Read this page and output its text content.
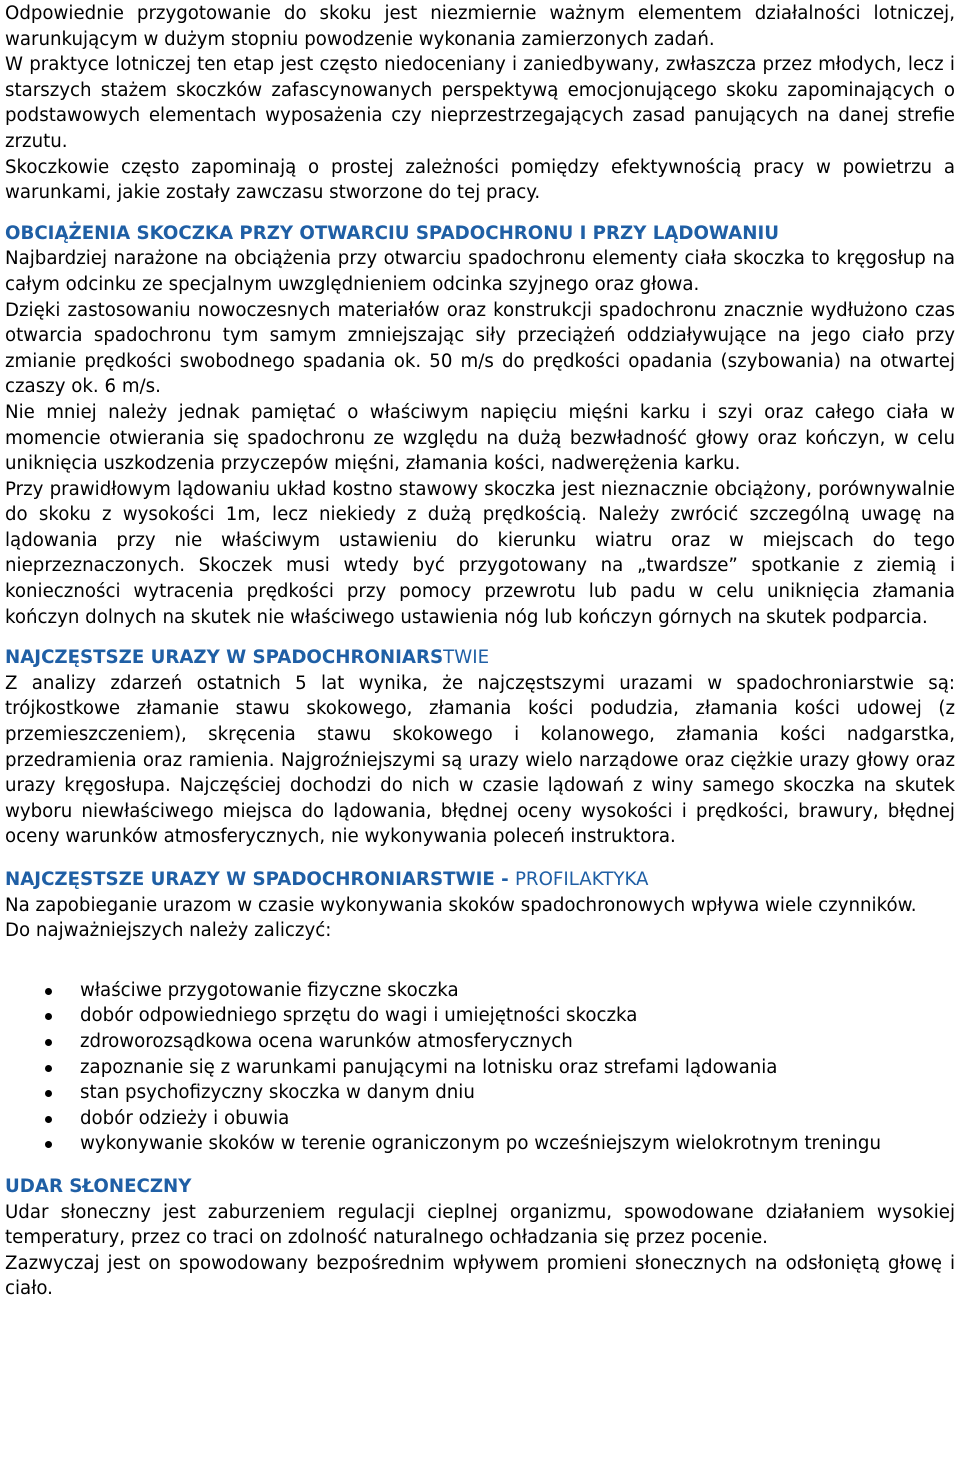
Odpowiednie przygotowanie do skoku jest niezmiernie ważnym elementem działalności lotniczej, warunkującym w dużym stopniu powodzenie wykonania zamierzonych zadań.

W praktyce lotniczej ten etap jest często niedoceniany i zaniedbywany, zwłaszcza przez młodych, lecz i starszych stażem skoczków zafascynowanych perspektywą emocjonującego skoku zapominających o podstawowych elementach wyposażenia czy nieprzestrzegających zasad panujących na danej strefie zrzutu.

Skoczkowie często zapominają o prostej zależności pomiędzy efektywnością pracy w powietrzu a warunkami, jakie zostały zawczasu stworzone do tej pracy.

OBCIĄŻENIA SKOCZKA PRZY OTWARCIU SPADOCHRONU I PRZY LĄDOWANIU

Najbardziej narażone na obciążenia przy otwarciu spadochronu elementy ciała skoczka to kręgosłup na całym odcinku ze specjalnym uwzględnieniem odcinka szyjnego oraz głowa.

Dzięki zastosowaniu nowoczesnych materiałów oraz konstrukcji spadochronu znacznie wydłużono czas otwarcia spadochronu tym samym zmniejszając siły przeciążeń oddziaływujące na jego ciało przy zmianie prędkości swobodnego spadania ok. 50 m/s do prędkości opadania (szybowania) na otwartej czaszy ok. 6 m/s.

Nie mniej należy jednak pamiętać o właściwym napięciu mięśni karku i szyi oraz całego ciała w momencie otwierania się spadochronu ze względu na dużą bezwładność głowy oraz kończyn, w celu uniknięcia uszkodzenia przyczepów mięśni, złamania kości, nadwerężenia karku.

Przy prawidłowym lądowaniu układ kostno stawowy skoczka jest nieznacznie obciążony, porównywalnie do skoku z wysokości 1m, lecz niekiedy z dużą prędkością. Należy zwrócić szczególną uwagę na lądowania przy nie właściwym ustawieniu do kierunku wiatru oraz w miejscach do tego nieprzeznaczonych. Skoczek musi wtedy być przygotowany na „twardsze” spotkanie z ziemią i konieczności wytracenia prędkości przy pomocy przewrotu lub padu w celu uniknięcia złamania kończyn dolnych na skutek nie właściwego ustawienia nóg lub kończyn górnych na skutek podparcia.

NAJCZĘSTSZE URAZY W SPADOCHRONIARSTWIE

Z analizy zdarzeń ostatnich 5 lat wynika, że najczęstszymi urazami w spadochroniarstwie są: trójkostkowe złamanie stawu skokowego, złamania kości podudzia, złamania kości udowej (z przemieszczeniem), skręcenia stawu skokowego i kolanowego, złamania kości nadgarstka, przedramienia oraz ramienia. Najgroźniejszymi są urazy wielo narządowe oraz ciężkie urazy głowy oraz urazy kręgosłupa. Najczęściej dochodzi do nich w czasie lądowań z winy samego skoczka na skutek wyboru niewłaściwego miejsca do lądowania, błędnej oceny wysokości i prędkości, brawury, błędnej oceny warunków atmosferycznych, nie wykonywania poleceń instruktora.

NAJCZĘSTSZE URAZY W SPADOCHRONIARSTWIE - PROFILAKTYKA

Na zapobieganie urazom w czasie wykonywania skoków spadochronowych wpływa wiele czynników.

Do najważniejszych należy zaliczyć:

właściwe przygotowanie fizyczne skoczka
dobór odpowiedniego sprzętu do wagi i umiejętności skoczka
zdroworozsądkowa ocena warunków atmosferycznych
zapoznanie się z warunkami panującymi na lotnisku oraz strefami lądowania
stan psychofizyczny skoczka w danym dniu
dobór odzieży i obuwia
wykonywanie skoków w terenie ograniczonym po wcześniejszym wielokrotnym treningu
UDAR SŁONECZNY

Udar słoneczny jest zaburzeniem regulacji cieplnej organizmu, spowodowane działaniem wysokiej temperatury, przez co traci on zdolność naturalnego ochładzania się przez pocenie.

Zazwyczaj jest on spowodowany bezpośrednim wpływem promieni słonecznych na odsłoniętą głowę i ciało.
